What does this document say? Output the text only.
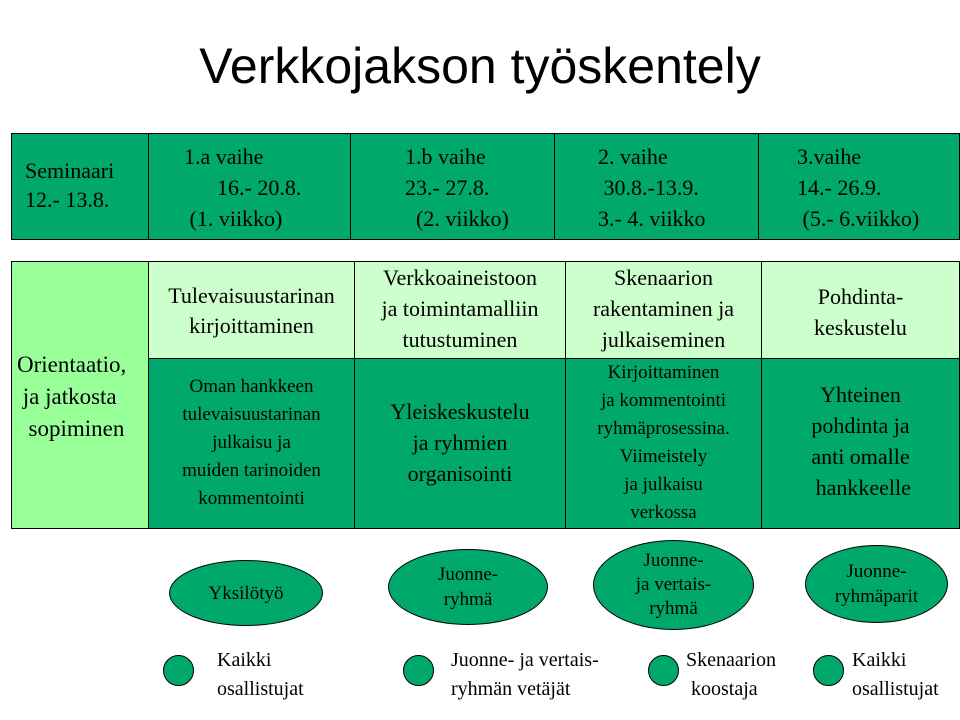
Verkkojakson työskentely
Seminaari
12.- 13.8.
1.a vaihe
16.- 20.8.
(1. viikko)
1.b vaihe
23.- 27.8.
(2. viikko)
2. vaihe
30.8.-13.9.
3.- 4. viikko
3.vaihe
14.- 26.9.
(5.- 6.viikko)
Orientaatio,
ja jatkosta
sopiminen
Tulevaisuustarinan
kirjoittaminen
Verkkoaineistoon
ja toimintamalliin
tutustuminen
Skenaarion
rakentaminen ja
julkaiseminen
Pohdinta-
keskustelu
Oman hankkeen
tulevaisuustarinan
julkaisu ja
muiden tarinoiden
kommentointi
Yleiskeskustelu
ja ryhmien
organisointi
Kirjoittaminen
ja kommentointi
ryhmäprosessina.
Viimeistely
ja julkaisu
verkossa
Yhteinen
pohdinta ja
anti omalle
hankkeelle
Yksilötyö
Juonne-
ryhmä
Juonne-
ja vertais-
ryhmä
Juonne-
ryhmäparit
Kaikki
osallistujat
Juonne- ja vertais-
ryhmän vetäjät
Skenaarion
koostaja
Kaikki
osallistujat
